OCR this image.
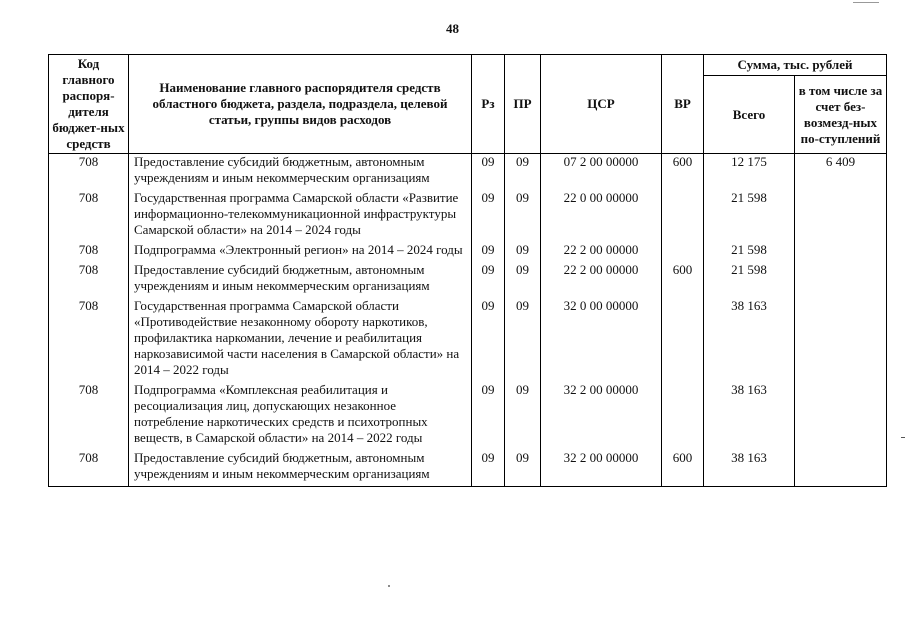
48
Код главного распоря-дителя бюджет-ных средств	Наименование главного распорядителя средств областного бюджета, раздела, подраздела, целевой статьи, группы видов расходов	Рз	ПР	ЦСР	ВР	Сумма, тыс. рублей	
						Всего	в том числе за счет без-возмезд-ных по-ступлений
708	Предоставление субсидий бюджетным, автономным учреждениям и иным некоммерческим организациям	09	09	07 2 00 00000	600	12 175	6 409
708	Государственная программа Самарской области «Развитие информационно-телекоммуникационной инфраструктуры Самарской области» на 2014 – 2024 годы	09	09	22 0 00 00000		21 598	
708	Подпрограмма «Электронный регион» на 2014 – 2024 годы	09	09	22 2 00 00000		21 598	
708	Предоставление субсидий бюджетным, автономным учреждениям и иным некоммерческим организациям	09	09	22 2 00 00000	600	21 598	
708	Государственная программа Самарской области «Противодействие незаконному обороту наркотиков, профилактика наркомании, лечение и реабилитация наркозависимой части населения в Самарской области» на 2014 – 2022 годы	09	09	32 0 00 00000		38 163	
708	Подпрограмма «Комплексная реабилитация и ресоциализация лиц, допускающих незаконное потребление наркотических средств и психотропных веществ, в Самарской области» на 2014 – 2022 годы	09	09	32 2 00 00000		38 163	
708	Предоставление субсидий бюджетным, автономным учреждениям и иным некоммерческим организациям	09	09	32 2 00 00000	600	38 163	
